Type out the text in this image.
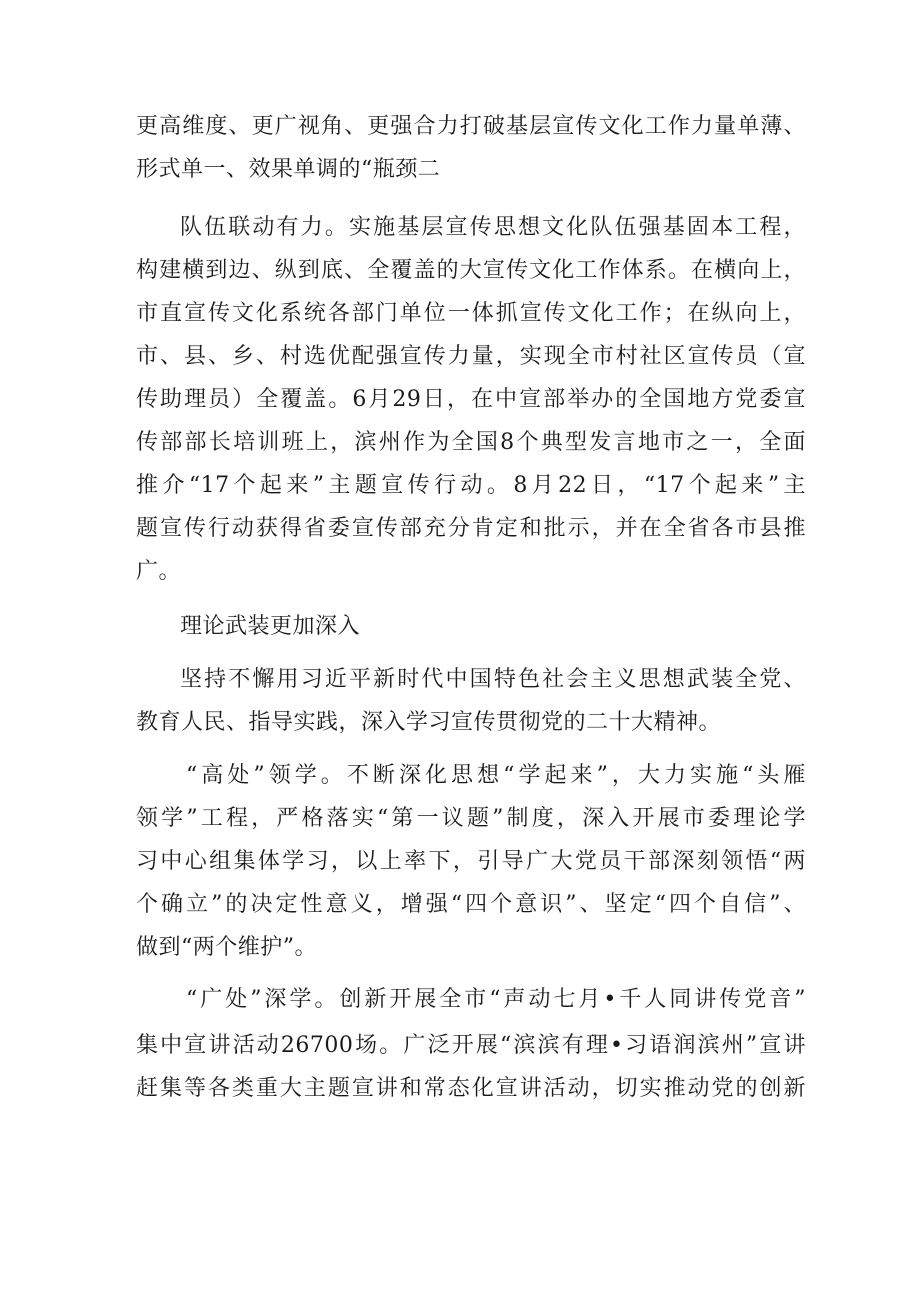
更高维度、更广视角、更强合力打破基层宣传文化工作力量单薄、
形式单一、效果单调的“瓶颈二
队伍联动有力。实施基层宣传思想文化队伍强基固本工程，
构建横到边、纵到底、全覆盖的大宣传文化工作体系。在横向上，
市直宣传文化系统各部门单位一体抓宣传文化工作；在纵向上，
市、县、乡、村选优配强宣传力量，实现全市村社区宣传员（宣
传助理员）全覆盖。6月29日，在中宣部举办的全国地方党委宣
传部部长培训班上，滨州作为全国8个典型发言地市之一，全面
推介“17个起来”主题宣传行动。8月22日，“17个起来”主
题宣传行动获得省委宣传部充分肯定和批示，并在全省各市县推
广。
理论武装更加深入
坚持不懈用习近平新时代中国特色社会主义思想武装全党、
教育人民、指导实践，深入学习宣传贯彻党的二十大精神。
“高处”领学。不断深化思想“学起来”，大力实施“头雁
领学”工程，严格落实“第一议题”制度，深入开展市委理论学
习中心组集体学习，以上率下，引导广大党员干部深刻领悟“两
个确立”的决定性意义，增强“四个意识”、坚定“四个自信”、
做到“两个维护”。
“广处”深学。创新开展全市“声动七月•千人同讲传党音”
集中宣讲活动26700场。广泛开展“滨滨有理•习语润滨州”宣讲
赶集等各类重大主题宣讲和常态化宣讲活动，切实推动党的创新
